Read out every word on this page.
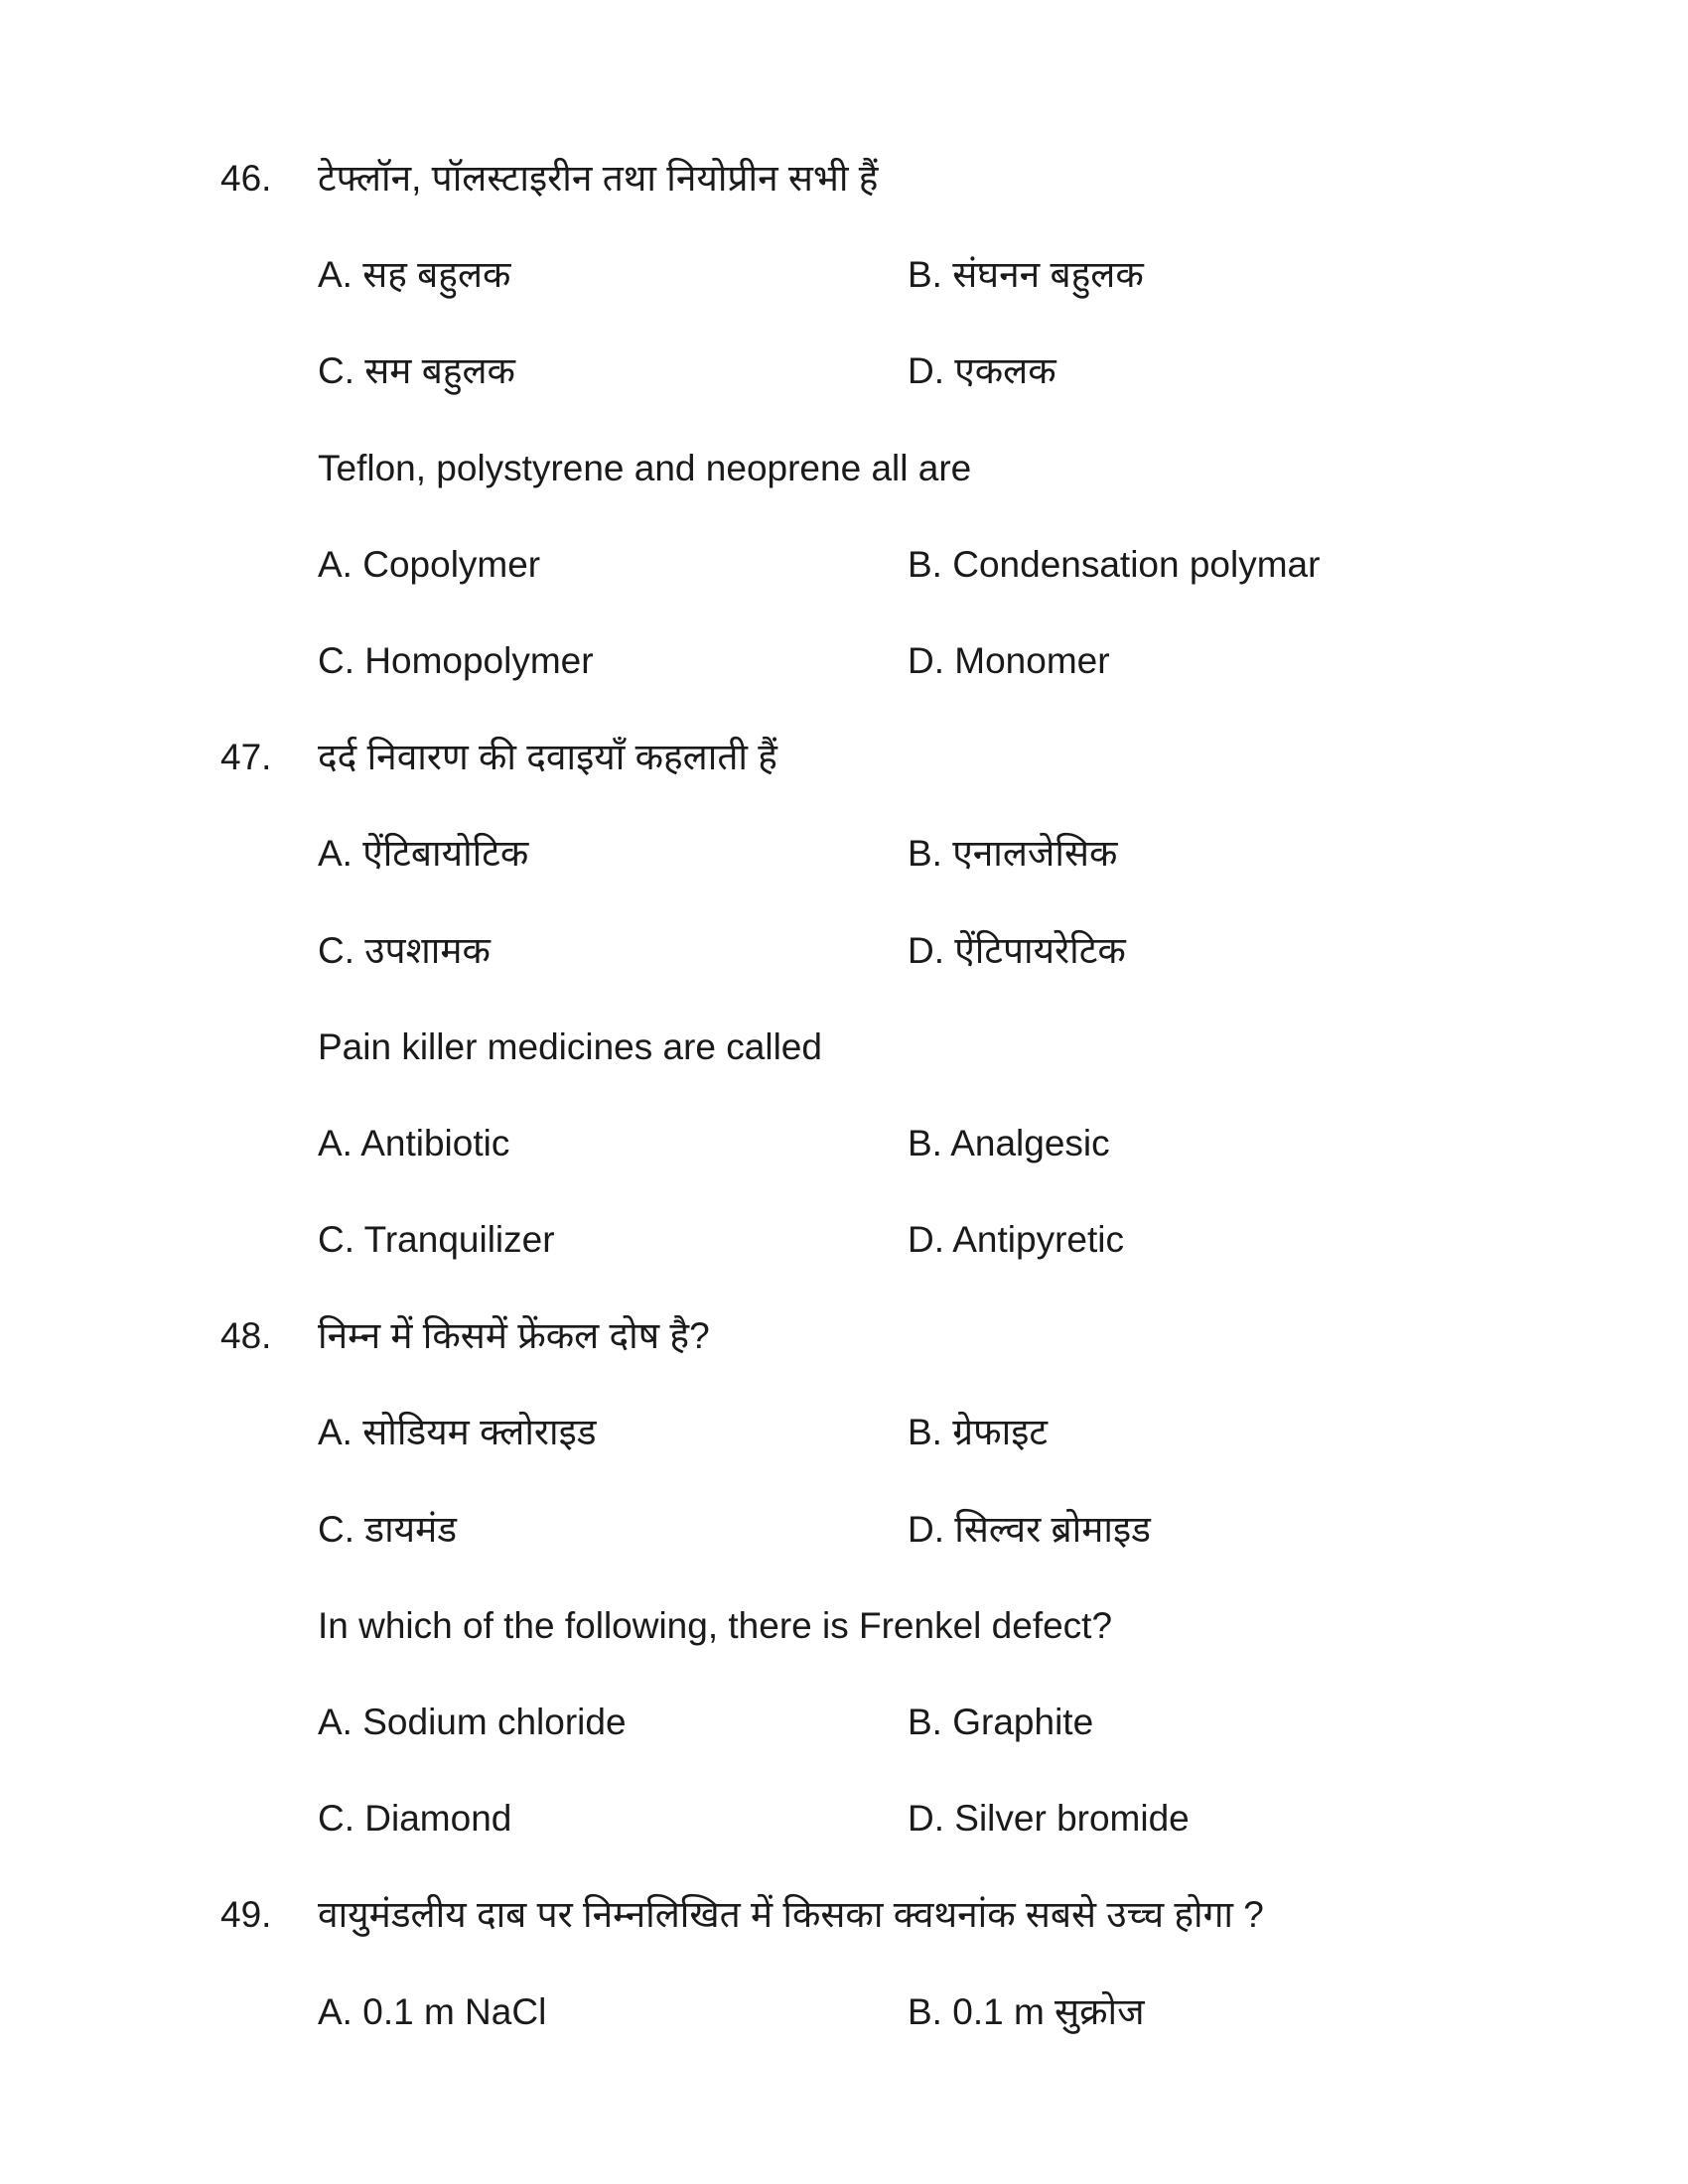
46. टेफ्लॉन, पॉलस्टाइरीन तथा नियोप्रीन सभी हैं
A. सह बहुलक	B. संघनन बहुलक
C. सम बहुलक	D. एकलक
Teflon, polystyrene and neoprene all are
A. Copolymer	B. Condensation polymar
C. Homopolymer	D. Monomer
47. दर्द निवारण की दवाइयाँ कहलाती हैं
A. ऐंटिबायोटिक	B. एनालजेसिक
C. उपशामक	D. ऐंटिपायरेटिक
Pain killer medicines are called
A. Antibiotic	B. Analgesic
C. Tranquilizer	D. Antipyretic
48. निम्न में किसमें फ्रेंकल दोष है?
A. सोडियम क्लोराइड	B. ग्रेफाइट
C. डायमंड	D. सिल्वर ब्रोमाइड
In which of the following, there is Frenkel defect?
A. Sodium chloride	B. Graphite
C. Diamond	D. Silver bromide
49. वायुमंडलीय दाब पर निम्नलिखित में किसका क्वथनांक सबसे उच्च होगा ?
A. 0.1 m NaCl	B. 0.1 m सुक्रोज
